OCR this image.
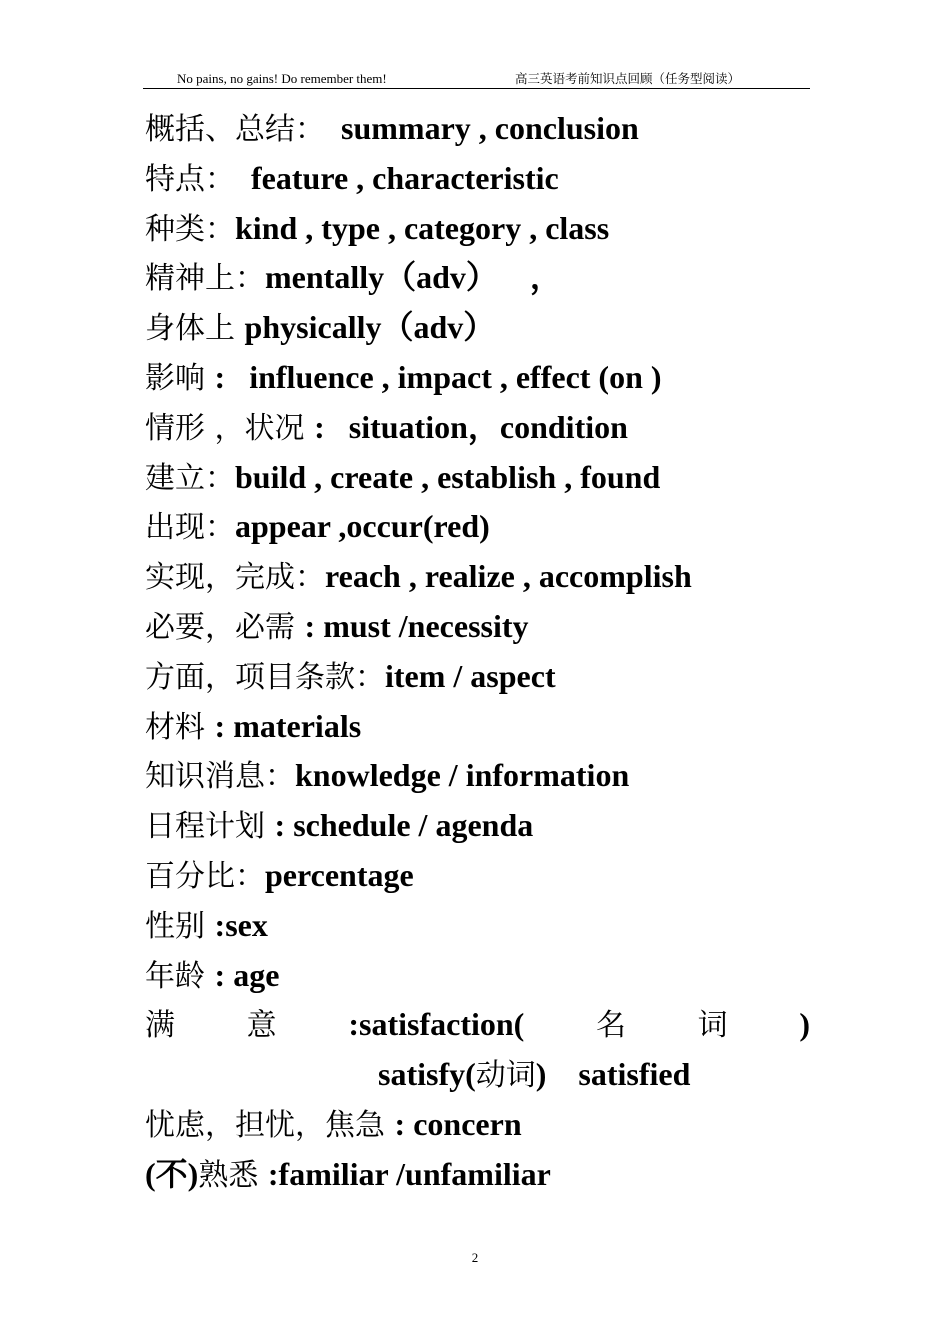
No pains, no gains! Do remember them!	高三英语考前知识点回顾（任务型阅读）
概括、总结：  summary , conclusion
特点：  feature , characteristic
种类：kind , type , category , class
精神上：mentally（adv）    ，
身体上 physically（adv）
影响 :   influence , impact , effect (on )
情形 ，状况 :   situation，condition
建立：build , create , establish , found
出现：appear ,occur(red)
实现，完成：reach , realize , accomplish
必要，必需 : must /necessity
方面，项目条款：item / aspect
材料 : materials
知识消息：knowledge / information
日程计划 : schedule / agenda
百分比：percentage
性别 :sex
年龄 : age
满 意 :satisfaction( 名 词 )
satisfy(动词)    satisfied
忧虑，担忧，焦急 : concern
(不)熟悉 :familiar /unfamiliar
2
